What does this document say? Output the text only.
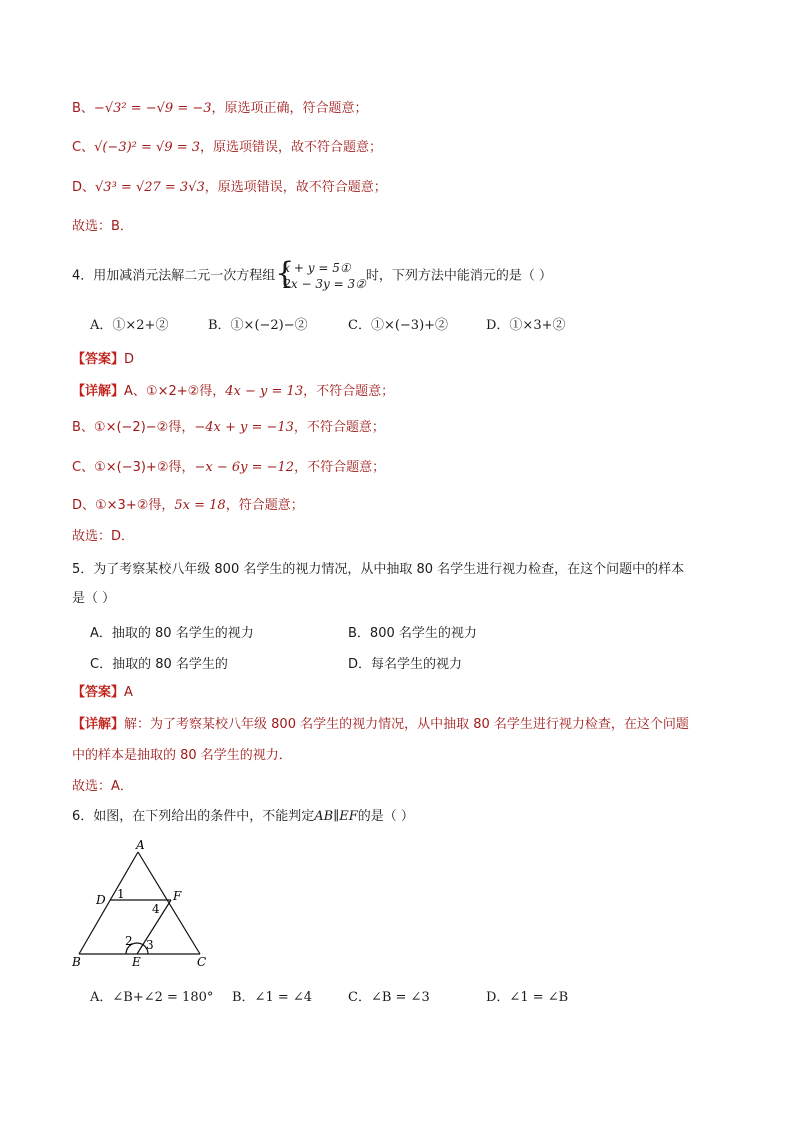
B、−√3² = −√9 = −3，原选项正确，符合题意；
C、√(−3)² = √9 = 3，原选项错误，故不符合题意；
D、√3³ = √27 = 3√3，原选项错误，故不符合题意；
故选：B．
4．用加减消元法解二元一次方程组 {
x + y = 5①
2x − 3y = 3②
时，下列方法中能消元的是（ ）
A．①×2+②	B．①×(−2)−②	C．①×(−3)+②	D．①×3+②
【答案】D
【详解】A、①×2+②得，4x − y = 13，不符合题意；
B、①×(−2)−②得，−4x + y = −13，不符合题意；
C、①×(−3)+②得，−x − 6y = −12，不符合题意；
D、①×3+②得，5x = 18，符合题意；
故选：D．
5．为了考察某校八年级 800 名学生的视力情况，从中抽取 80 名学生进行视力检查，在这个问题中的样本
是（ ）
A．抽取的 80 名学生的视力	B．800 名学生的视力
C．抽取的 80 名学生的	D．每名学生的视力
【答案】A
【详解】解：为了考察某校八年级 800 名学生的视力情况，从中抽取 80 名学生进行视力检查，在这个问题
中的样本是抽取的 80 名学生的视力．
故选：A．
6．如图，在下列给出的条件中，不能判定AB∥EF的是（ ）
A
D	F
B	E	C
1
4
2 3
A．∠B+∠2 = 180° B．∠1 = ∠4	C．∠B = ∠3	D．∠1 = ∠B
